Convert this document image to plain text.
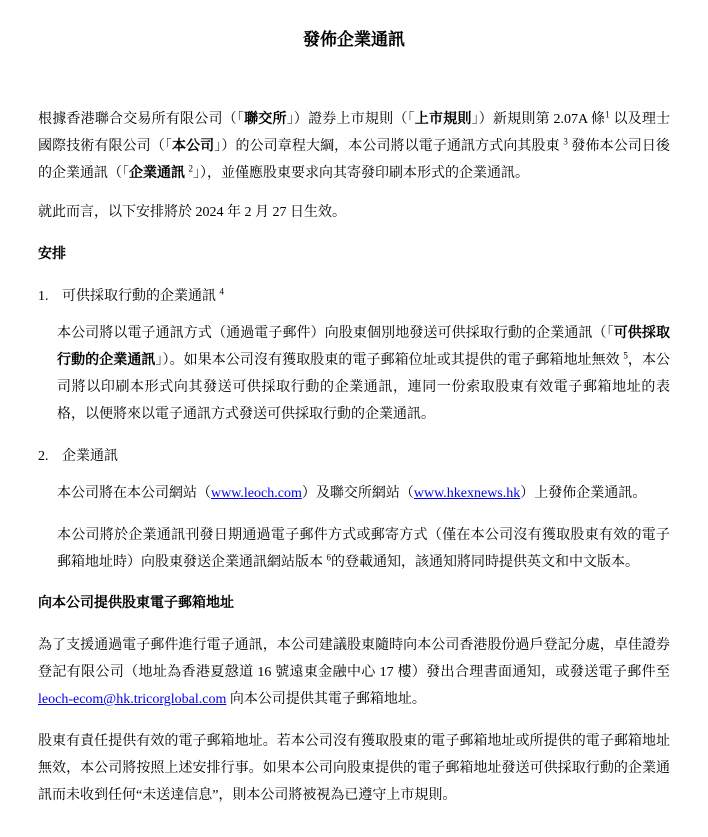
發佈企業通訊

根據香港聯合交易所有限公司（「聯交所」）證券上市規則（「上市規則」）新規則第 2.07A 條$^1$ 以及理士國際技術有限公司（「本公司」）的公司章程大綱，本公司將以電子通訊方式向其股東 $^3$ 發佈本公司日後的企業通訊（「企業通訊 $^2$」），並僅應股東要求向其寄發印刷本形式的企業通訊。

就此而言，以下安排將於 2024 年 2 月 27 日生效。

安排
1. 可供採取行動的企業通訊 $^4$

本公司將以電子通訊方式（通過電子郵件）向股東個別地發送可供採取行動的企業通訊（「可供採取行動的企業通訊」）。如果本公司沒有獲取股東的電子郵箱位址或其提供的電子郵箱地址無效 $^5$，本公司將以印刷本形式向其發送可供採取行動的企業通訊，連同一份索取股東有效電子郵箱地址的表格，以便將來以電子通訊方式發送可供採取行動的企業通訊。

2. 企業通訊

本公司將在本公司網站（www.leoch.com）及聯交所網站（www.hkexnews.hk）上發佈企業通訊。

本公司將於企業通訊刊發日期通過電子郵件方式或郵寄方式（僅在本公司沒有獲取股東有效的電子郵箱地址時）向股東發送企業通訊網站版本 $^6$的登載通知，該通知將同時提供英文和中文版本。

向本公司提供股東電子郵箱地址

為了支援通過電子郵件進行電子通訊，本公司建議股東隨時向本公司香港股份過戶登記分處，卓佳證券登記有限公司（地址為香港夏慤道 16 號遠東金融中心 17 樓）發出合理書面通知，或發送電子郵件至 leoch-ecom@hk.tricorglobal.com 向本公司提供其電子郵箱地址。

股東有責任提供有效的電子郵箱地址。若本公司沒有獲取股東的電子郵箱地址或所提供的電子郵箱地址無效，本公司將按照上述安排行事。如果本公司向股東提供的電子郵箱地址發送可供採取行動的企業通訊而未收到任何“未送達信息”，則本公司將被視為已遵守上市規則。
